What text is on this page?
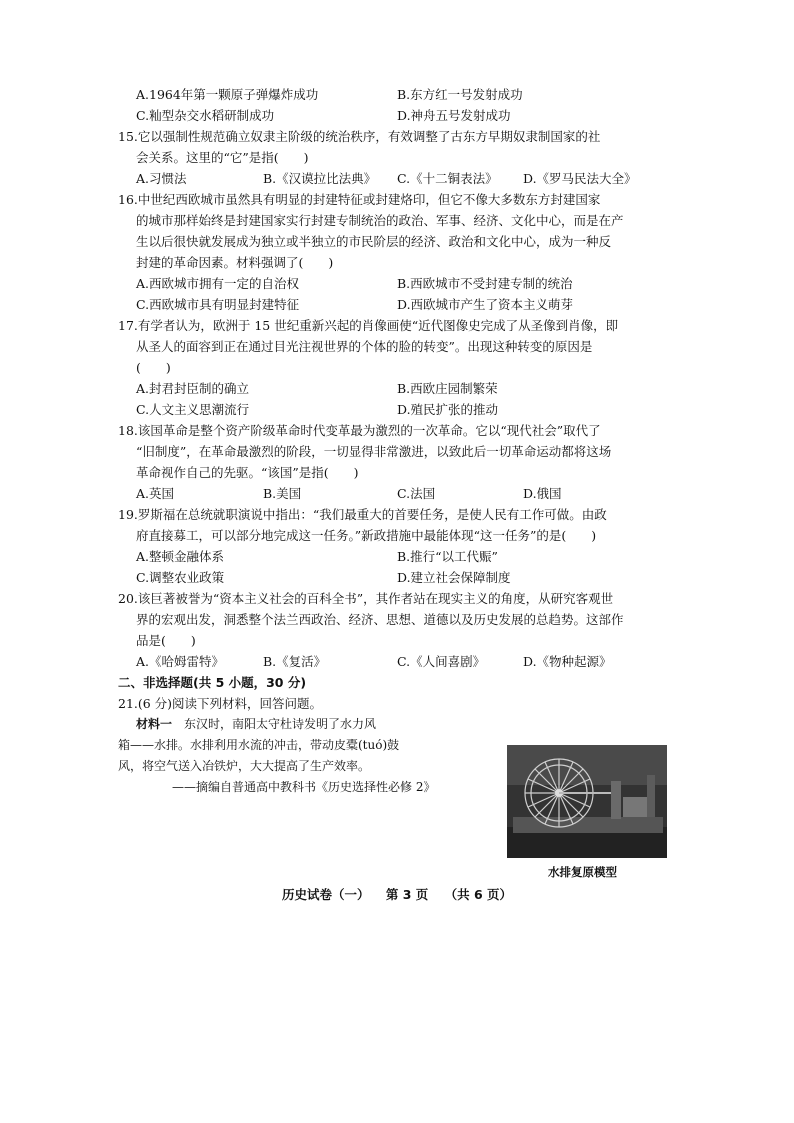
A.1964年第一颗原子弹爆炸成功	B.东方红一号发射成功
C.籼型杂交水稻研制成功	D.神舟五号发射成功
15.它以强制性规范确立奴隶主阶级的统治秩序，有效调整了古东方早期奴隶制国家的社
会关系。这里的“它”是指(　　)
A.习惯法	B.《汉谟拉比法典》 C.《十二铜表法》 D.《罗马民法大全》
16.中世纪西欧城市虽然具有明显的封建特征或封建烙印，但它不像大多数东方封建国家
的城市那样始终是封建国家实行封建专制统治的政治、军事、经济、文化中心，而是在产
生以后很快就发展成为独立或半独立的市民阶层的经济、政治和文化中心，成为一种反
封建的革命因素。材料强调了(　　)
A.西欧城市拥有一定的自治权	B.西欧城市不受封建专制的统治
C.西欧城市具有明显封建特征	D.西欧城市产生了资本主义萌芽
17.有学者认为，欧洲于 15 世纪重新兴起的肖像画使“近代图像史完成了从圣像到肖像，即
从圣人的面容到正在通过目光注视世界的个体的脸的转变”。出现这种转变的原因是
(　　)
A.封君封臣制的确立	B.西欧庄园制繁荣
C.人文主义思潮流行	D.殖民扩张的推动
18.该国革命是整个资产阶级革命时代变革最为激烈的一次革命。它以“现代社会”取代了
“旧制度”，在革命最激烈的阶段，一切显得非常激进，以致此后一切革命运动都将这场
革命视作自己的先驱。“该国”是指(　　)
A.英国	B.美国	C.法国	D.俄国
19.罗斯福在总统就职演说中指出：“我们最重大的首要任务，是使人民有工作可做。由政
府直接募工，可以部分地完成这一任务。”新政措施中最能体现“这一任务”的是(　　)
A.整顿金融体系	B.推行“以工代赈”
C.调整农业政策	D.建立社会保障制度
20.该巨著被誉为“资本主义社会的百科全书”，其作者站在现实主义的角度，从研究客观世
界的宏观出发，洞悉整个法兰西政治、经济、思想、道德以及历史发展的总趋势。这部作
品是(　　)
A.《哈姆雷特》	B.《复活》	C.《人间喜剧》	D.《物种起源》
二、非选择题(共 5 小题，30 分)
21.(6 分)阅读下列材料，回答问题。
材料一　东汉时，南阳太守杜诗发明了水力风
箱——水排。水排利用水流的冲击，带动皮橐(tuó)鼓
风，将空气送入冶铁炉，大大提高了生产效率。
——摘编自普通高中教科书《历史选择性必修 2》
水排复原模型
历史试卷（一） 第 3 页 （共 6 页）
